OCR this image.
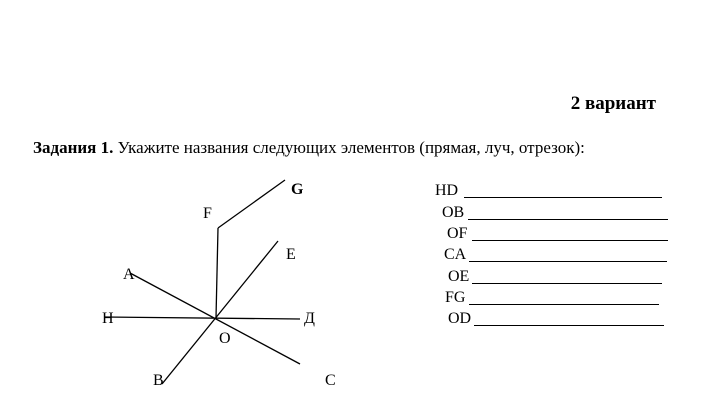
2 вариант
Задания 1. Укажите названия следующих элементов (прямая, луч, отрезок):
G
F
E
A
H	Д
O
B	C
HD
OB
OF
CA
OE
FG
OD
